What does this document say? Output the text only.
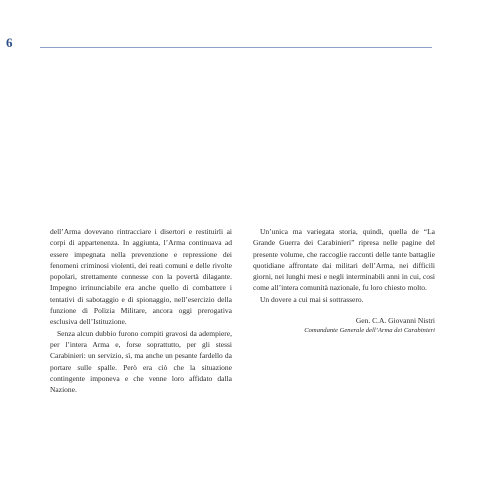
6

dell’Arma dovevano rintracciare i disertori e restituirli ai corpi di appartenenza. In aggiunta, l’Arma continuava ad essere impegnata nella prevenzione e repressione dei fenomeni criminosi violenti, dei reati comuni e delle rivolte popolari, strettamente connesse con la povertà dilagante. Impegno irrinunciabile era anche quello di combattere i tentativi di sabotaggio e di spionaggio, nell’esercizio della funzione di Polizia Militare, ancora oggi prerogativa esclusiva dell’Istituzione.

Senza alcun dubbio furono compiti gravosi da adempiere, per l’intera Arma e, forse soprattutto, per gli stessi Carabinieri: un servizio, sì, ma anche un pesante fardello da portare sulle spalle. Però era ciò che la situazione contingente imponeva e che venne loro affidato dalla Nazione.

Un’unica ma variegata storia, quindi, quella de “La Grande Guerra dei Carabinieri” ripresa nelle pagine del presente volume, che raccoglie racconti delle tante battaglie quotidiane affrontate dai militari dell’Arma, nei difficili giorni, nei lunghi mesi e negli interminabili anni in cui, così come all’intera comunità nazionale, fu loro chiesto molto.

Un dovere a cui mai si sottrassero.

Gen. C.A. Giovanni Nistri
Comandante Generale dell’Arma dei Carabinieri
